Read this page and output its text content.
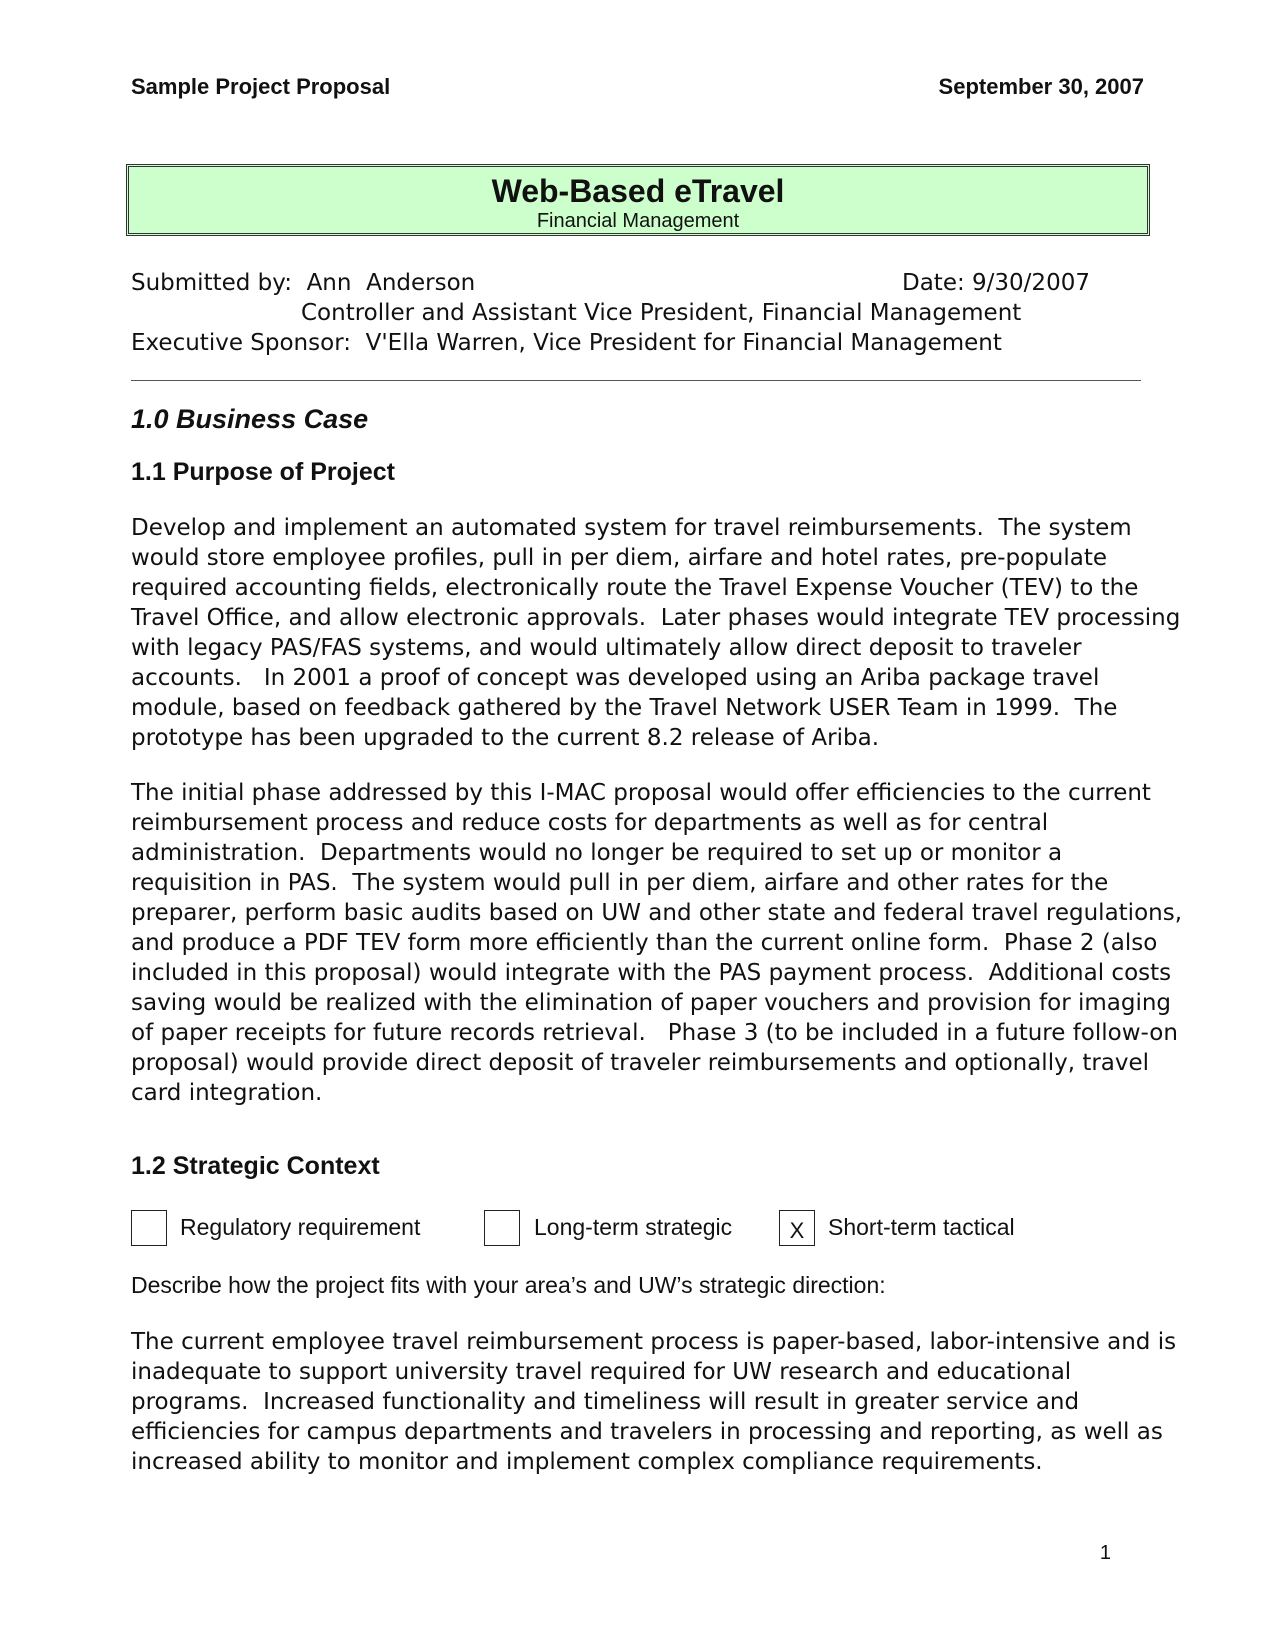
Sample Project Proposal	September 30, 2007
Web-Based eTravel
Financial Management
Submitted by:  Ann  Anderson	Date: 9/30/2007
Controller and Assistant Vice President, Financial Management
Executive Sponsor:  V'Ella Warren, Vice President for Financial Management
1.0 Business Case
1.1 Purpose of Project
Develop and implement an automated system for travel reimbursements.  The system
would store employee profiles, pull in per diem, airfare and hotel rates, pre-populate
required accounting fields, electronically route the Travel Expense Voucher (TEV) to the
Travel Office, and allow electronic approvals.  Later phases would integrate TEV processing
with legacy PAS/FAS systems, and would ultimately allow direct deposit to traveler
accounts.   In 2001 a proof of concept was developed using an Ariba package travel
module, based on feedback gathered by the Travel Network USER Team in 1999.  The
prototype has been upgraded to the current 8.2 release of Ariba.
The initial phase addressed by this I-MAC proposal would offer efficiencies to the current
reimbursement process and reduce costs for departments as well as for central
administration.  Departments would no longer be required to set up or monitor a
requisition in PAS.  The system would pull in per diem, airfare and other rates for the
preparer, perform basic audits based on UW and other state and federal travel regulations,
and produce a PDF TEV form more efficiently than the current online form.  Phase 2 (also
included in this proposal) would integrate with the PAS payment process.  Additional costs
saving would be realized with the elimination of paper vouchers and provision for imaging
of paper receipts for future records retrieval.   Phase 3 (to be included in a future follow-on
proposal) would provide direct deposit of traveler reimbursements and optionally, travel
card integration.
1.2 Strategic Context
Regulatory requirement	Long-term strategic	X	Short-term tactical
Describe how the project fits with your area’s and UW’s strategic direction:
The current employee travel reimbursement process is paper-based, labor-intensive and is
inadequate to support university travel required for UW research and educational
programs.  Increased functionality and timeliness will result in greater service and
efficiencies for campus departments and travelers in processing and reporting, as well as
increased ability to monitor and implement complex compliance requirements.
1
